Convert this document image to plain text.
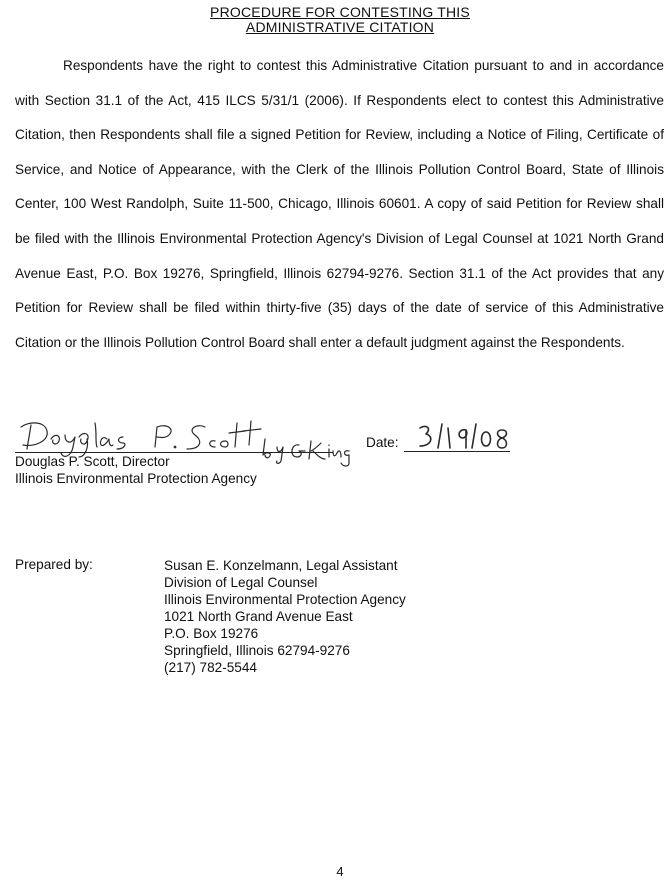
PROCEDURE FOR CONTESTING THIS
ADMINISTRATIVE CITATION

Respondents have the right to contest this Administrative Citation pursuant to and in accordance with Section 31.1 of the Act, 415 ILCS 5/31/1 (2006). If Respondents elect to contest this Administrative Citation, then Respondents shall file a signed Petition for Review, including a Notice of Filing, Certificate of Service, and Notice of Appearance, with the Clerk of the Illinois Pollution Control Board, State of Illinois Center, 100 West Randolph, Suite 11-500, Chicago, Illinois 60601. A copy of said Petition for Review shall be filed with the Illinois Environmental Protection Agency's Division of Legal Counsel at 1021 North Grand Avenue East, P.O. Box 19276, Springfield, Illinois 62794-9276. Section 31.1 of the Act provides that any Petition for Review shall be filed within thirty-five (35) days of the date of service of this Administrative Citation or the Illinois Pollution Control Board shall enter a default judgment against the Respondents.

Douglas P. Scott, Director
Illinois Environmental Protection Agency
Date:
Prepared by:	Susan E. Konzelmann, Legal Assistant
Division of Legal Counsel
Illinois Environmental Protection Agency
1021 North Grand Avenue East
P.O. Box 19276
Springfield, Illinois 62794-9276
(217) 782-5544
4
